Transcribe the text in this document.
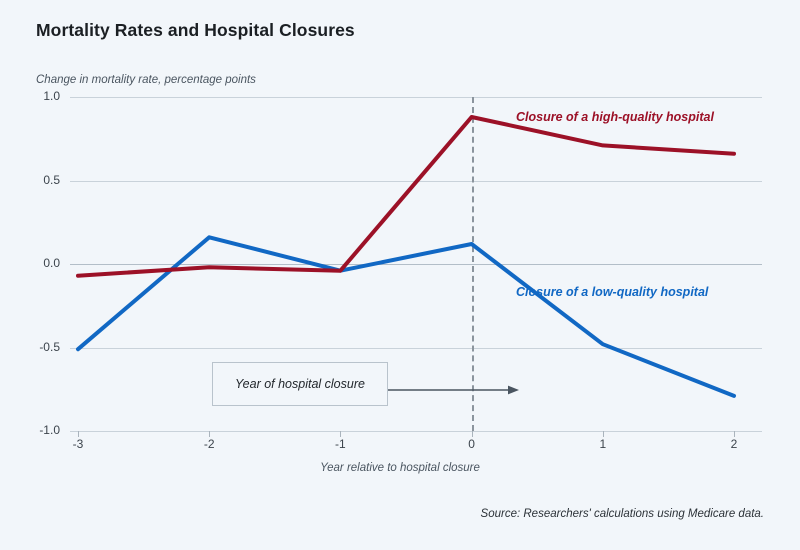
Mortality Rates and Hospital Closures
Change in mortality rate, percentage points
1.0
0.5
0.0
-0.5
-1.0
-3	-2	-1	0	1	2
Closure of a high-quality hospital
Closure of a low-quality hospital
Year of hospital closure
Year relative to hospital closure
Source: Researchers' calculations using Medicare data.
